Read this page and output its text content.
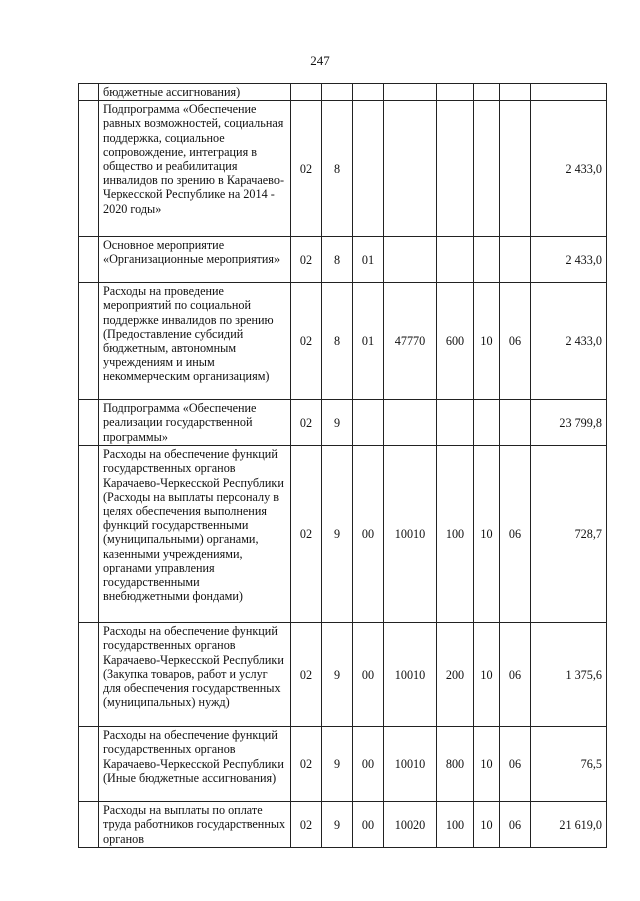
247
	бюджетные ассигнования)								
	Подпрограмма «Обеспечение равных возможностей, социальная поддержка, социальное сопровождение, интеграция в общество и реабилитация инвалидов по зрению в Карачаево-Черкесской Республике на 2014 - 2020 годы»	02	8						2 433,0
	Основное мероприятие «Организационные мероприятия»	02	8	01					2 433,0
	Расходы на проведение мероприятий по социальной поддержке инвалидов по зрению (Предоставление субсидий бюджетным, автономным учреждениям и иным некоммерческим организациям)	02	8	01	47770	600	10	06	2 433,0
	Подпрограмма «Обеспечение реализации государственной программы»	02	9						23 799,8
	Расходы на обеспечение функций государственных органов Карачаево-Черкесской Республики (Расходы на выплаты персоналу в целях обеспечения выполнения функций государственными (муниципальными) органами, казенными учреждениями, органами управления государственными внебюджетными фондами)	02	9	00	10010	100	10	06	728,7
	Расходы на обеспечение функций государственных органов Карачаево-Черкесской Республики (Закупка товаров, работ и услуг для обеспечения государственных (муниципальных) нужд)	02	9	00	10010	200	10	06	1 375,6
	Расходы на обеспечение функций государственных органов Карачаево-Черкесской Республики (Иные бюджетные ассигнования)	02	9	00	10010	800	10	06	76,5
	Расходы на выплаты по оплате труда работников государственных органов	02	9	00	10020	100	10	06	21 619,0
